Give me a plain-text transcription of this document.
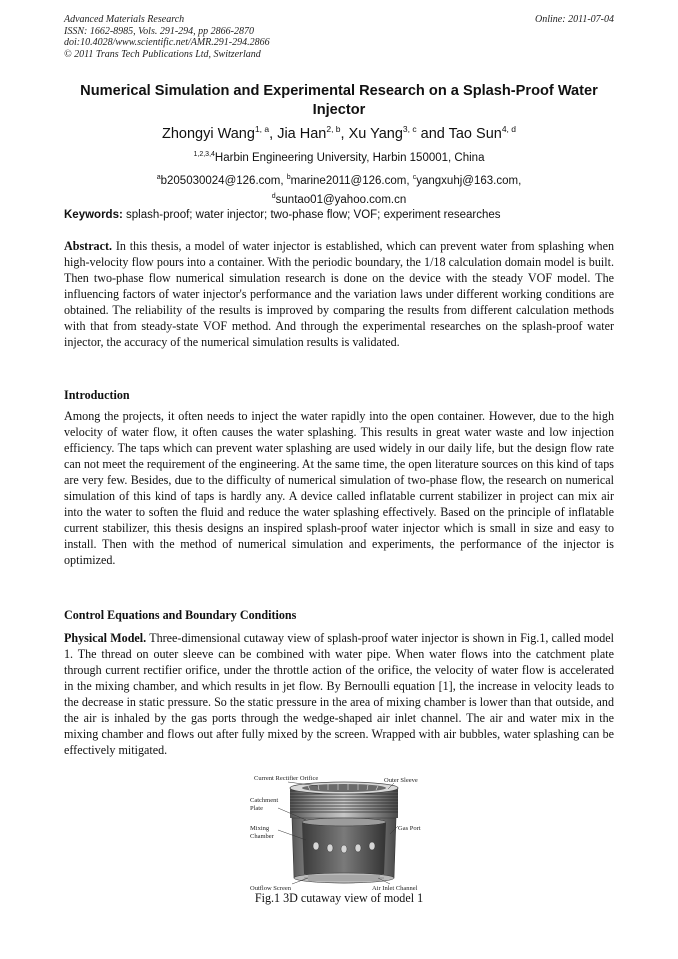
Advanced Materials Research
ISSN: 1662-8985, Vols. 291-294, pp 2866-2870
doi:10.4028/www.scientific.net/AMR.291-294.2866
© 2011 Trans Tech Publications Ltd, Switzerland
Online: 2011-07-04
Numerical Simulation and Experimental Research on a Splash-Proof Water Injector
Zhongyi Wang$^{1, a}$, Jia Han$^{2, b}$, Xu Yang$^{3, c}$ and Tao Sun$^{4, d}$
$^{1,2,3,4}$Harbin Engineering University, Harbin 150001, China
$^a$b205030024@126.com, $^b$marine2011@126.com, $^c$yangxuhj@163.com,
$^d$suntao01@yahoo.com.cn
Keywords: splash-proof; water injector; two-phase flow; VOF; experiment researches
Abstract. In this thesis, a model of water injector is established, which can prevent water from splashing when high-velocity flow pours into a container. With the periodic boundary, the 1/18 calculation domain model is built. Then two-phase flow numerical simulation research is done on the device with the steady VOF model. The influencing factors of water injector's performance and the variation laws under different working conditions are obtained. The reliability of the results is improved by comparing the results from different calculation methods with that from steady-state VOF method. And through the experimental researches on the splash-proof water injector, the accuracy of the numerical simulation results is validated.
Introduction
Among the projects, it often needs to inject the water rapidly into the open container. However, due to the high velocity of water flow, it often causes the water splashing. This results in great water waste and low injection efficiency. The taps which can prevent water splashing are used widely in our daily life, but the design flow rate can not meet the requirement of the engineering. At the same time, the open literature sources on this kind of taps are very few. Besides, due to the difficulty of numerical simulation of two-phase flow, the research on numerical simulation of this kind of taps is hardly any. A device called inflatable current stabilizer in project can mix air into the water to soften the fluid and reduce the water splashing effectively. Based on the principle of inflatable current stabilizer, this thesis designs an inspired splash-proof water injector which is small in size and easy to install. Then with the method of numerical simulation and experiments, the performance of the injector is optimized.
Control Equations and Boundary Conditions
Physical Model. Three-dimensional cutaway view of splash-proof water injector is shown in Fig.1, called model 1. The thread on outer sleeve can be combined with water pipe. When water flows into the catchment plate through current rectifier orifice, under the throttle action of the orifice, the velocity of water flow is accelerated in the mixing chamber, and which results in jet flow. By Bernoulli equation [1], the increase in velocity leads to the decrease in static pressure. So the static pressure in the area of mixing chamber is lower than that outside, and the air is inhaled by the gas ports through the wedge-shaped air inlet channel. The air and water mix in the mixing chamber and flows out after fully mixed by the screen. Wrapped with air bubbles, water splashing can be effectively mitigated.
Current Rectifier Orifice	Outer Sleeve
Catchment
Plate
Mixing
Chamber
Gas Port
Outflow Screen	Air Inlet Channel
Fig.1 3D cutaway view of model 1
